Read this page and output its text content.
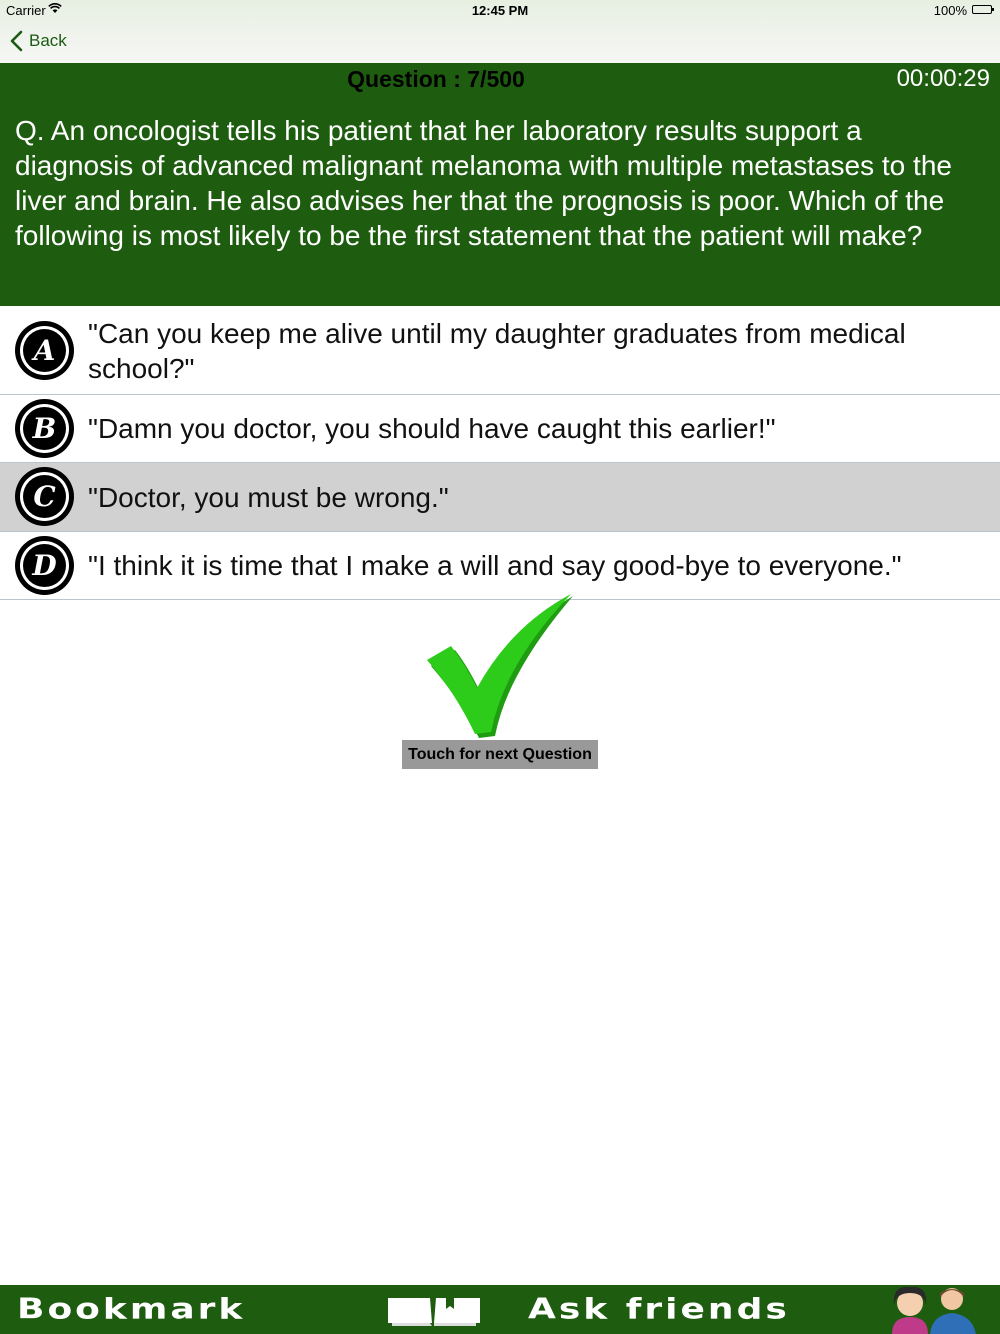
Carrier	12:45 PM	100%
Back
Question : 7/500	00:00:29
Q. An oncologist tells his patient that her laboratory results support a diagnosis of advanced malignant melanoma with multiple metastases to the liver and brain. He also advises her that the prognosis is poor. Which of the following is most likely to be the first statement that the patient will make?
A
"Can you keep me alive until my daughter graduates from medical school?"
B	"Damn you doctor, you should have caught this earlier!"
C	"Doctor, you must be wrong."
D	"I think it is time that I make a will and say good-bye to everyone."
Touch for next Question
Bookmark	Ask friends
